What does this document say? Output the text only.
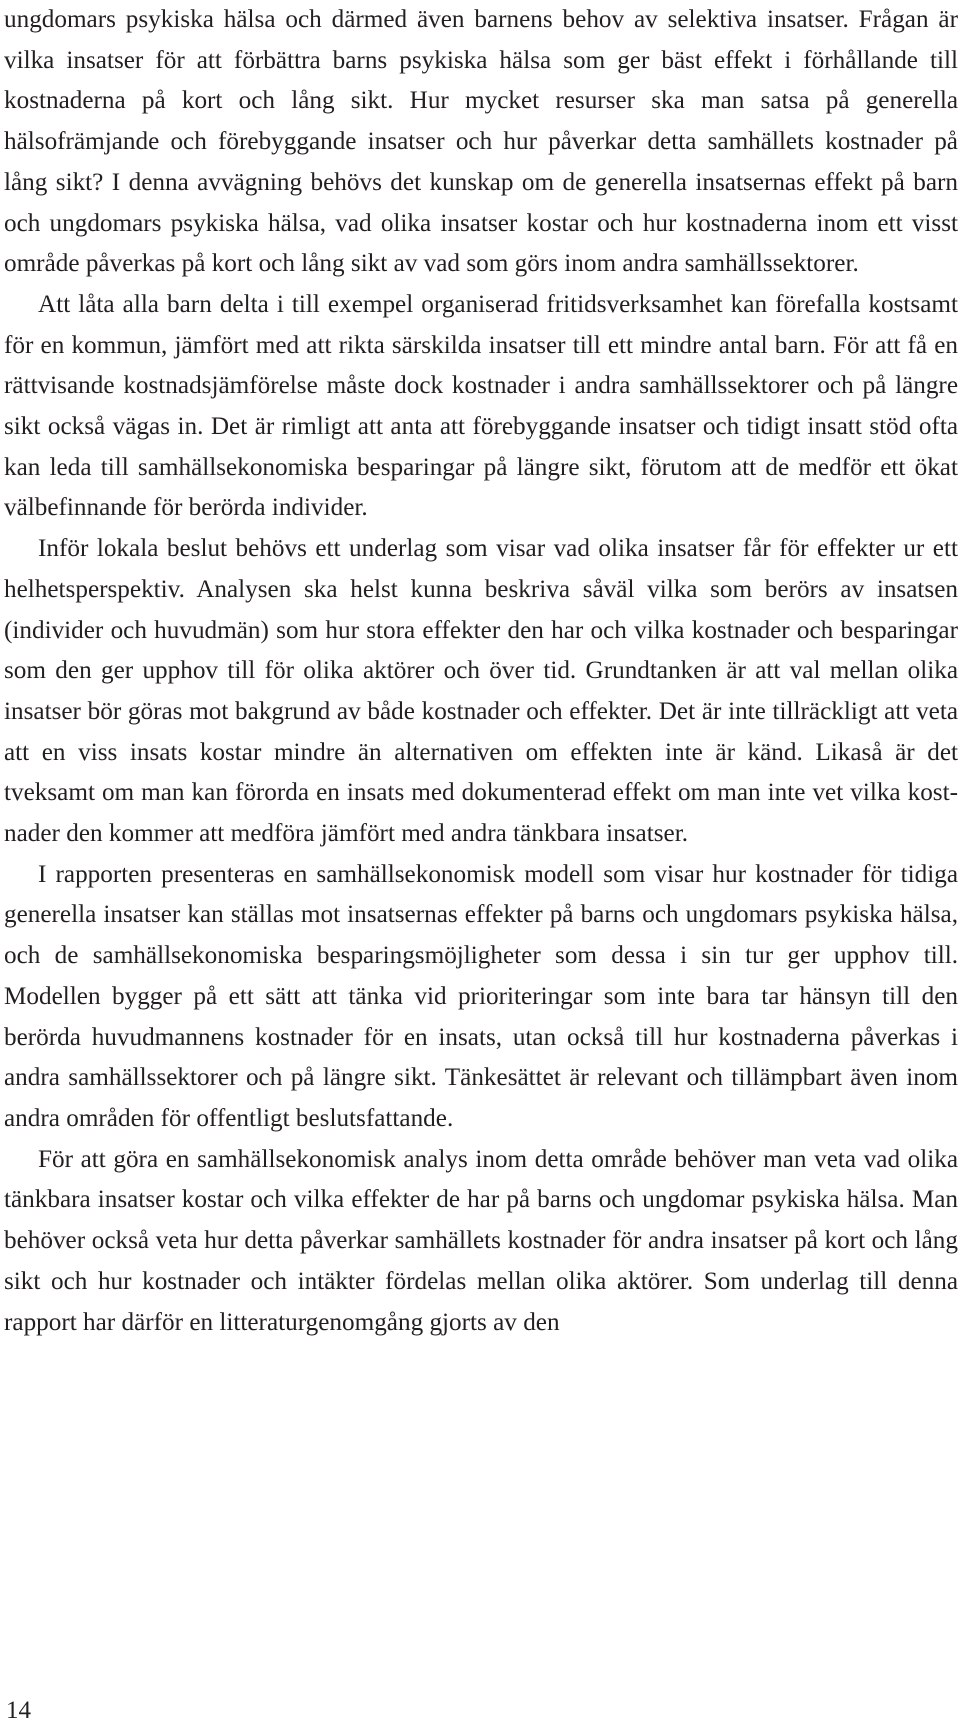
ungdomars psykiska hälsa och därmed även barnens behov av selektiva insatser. Frågan är vilka insatser för att förbättra barns psykiska hälsa som ger bäst effekt i förhållande till kostnaderna på kort och lång sikt. Hur mycket resurser ska man satsa på generella hälsofrämjande och förebyggande insatser och hur påverkar detta samhällets kostnader på lång sikt? I denna avvägning behövs det kunskap om de generella insatsernas effekt på barn och ungdomars psykiska hälsa, vad olika insatser kostar och hur kostnaderna inom ett visst område påverkas på kort och lång sikt av vad som görs inom andra samhällssektorer.

Att låta alla barn delta i till exempel organiserad fritidsverksamhet kan förefalla kostsamt för en kommun, jämfört med att rikta särskilda insatser till ett mindre antal barn. För att få en rättvisande kostnadsjämförelse måste dock kostnader i andra samhällssektorer och på längre sikt också vägas in. Det är rimligt att anta att förebyggande insatser och tidigt insatt stöd ofta kan leda till samhällsekonomiska besparingar på längre sikt, förutom att de medför ett ökat välbefinnande för berörda individer.

Inför lokala beslut behövs ett underlag som visar vad olika insatser får för effekter ur ett helhetsperspektiv. Analysen ska helst kunna beskriva såväl vilka som berörs av insatsen (individer och huvudmän) som hur stora effekter den har och vilka kostnader och besparingar som den ger upphov till för olika aktörer och över tid. Grundtanken är att val mellan olika insatser bör göras mot bakgrund av både kostnader och effekter. Det är inte tillräckligt att veta att en viss insats kostar mindre än alternativen om effekten inte är känd. Likaså är det tveksamt om man kan förorda en insats med dokumenterad effekt om man inte vet vilka kostnader den kommer att medföra jämfört med andra tänkbara insatser.

I rapporten presenteras en samhällsekonomisk modell som visar hur kostnader för tidiga generella insatser kan ställas mot insatsernas effekter på barns och ungdomars psykiska hälsa, och de samhällsekonomiska besparingsmöjligheter som dessa i sin tur ger upphov till. Modellen bygger på ett sätt att tänka vid prioriteringar som inte bara tar hänsyn till den berörda huvudmannens kostnader för en insats, utan också till hur kostnaderna påverkas i andra samhällssektorer och på längre sikt. Tänkesättet är relevant och tillämpbart även inom andra områden för offentligt beslutsfattande.

För att göra en samhällsekonomisk analys inom detta område behöver man veta vad olika tänkbara insatser kostar och vilka effekter de har på barns och ungdomar psykiska hälsa. Man behöver också veta hur detta påverkar samhällets kostnader för andra insatser på kort och lång sikt och hur kostnader och intäkter fördelas mellan olika aktörer. Som underlag till denna rapport har därför en litteraturgenomgång gjorts av den

14
